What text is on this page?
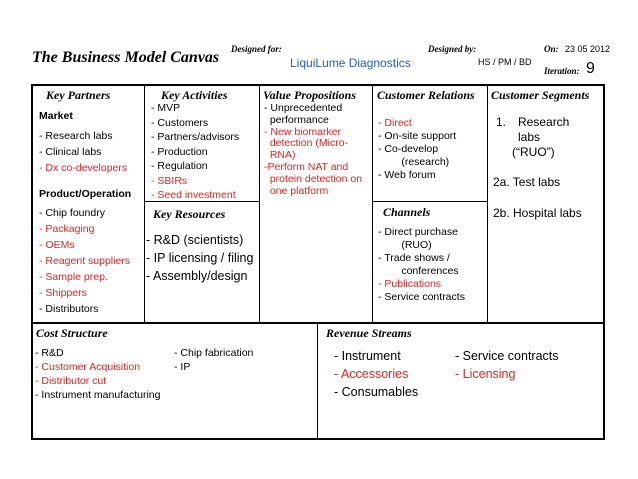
The Business Model Canvas Designed for:
LiquiLume Diagnostics
Designed by:
HS / PM / BD
On: 23 05 2012
Iteration: 9
Key Partners
Market
- Research labs
- Clinical labs
- Dx co-developers
Product/Operation
- Chip foundry
- Packaging
- OEMs
- Reagent suppliers
- Sample prep.
- Shippers
- Distributors
Key Activities
- MVP
- Customers
- Partners/advisors
- Production
- Regulation
- SBIRs
- Seed investment
Key Resources
- R&D (scientists)
- IP licensing / filing
- Assembly/design
Value Propositions
- Unprecedented
performance
- New biomarker
detection (Micro-
RNA)
-Perform NAT and
protein detection on
one platform
Customer Relations
- Direct
- On-site support
- Co-develop
(research)
- Web forum
Channels
- Direct purchase
(RUO)
- Trade shows /
conferences
- Publications
- Service contracts
Customer Segments
1. Research
labs
(“RUO”)
2a. Test labs
2b. Hospital labs
Cost Structure
- R&D
- Customer Acquisition
- Distributor cut
- Instrument manufacturing
- Chip fabrication
- IP
Revenue Streams
- Instrument
- Accessories
- Consumables
- Service contracts
- Licensing
